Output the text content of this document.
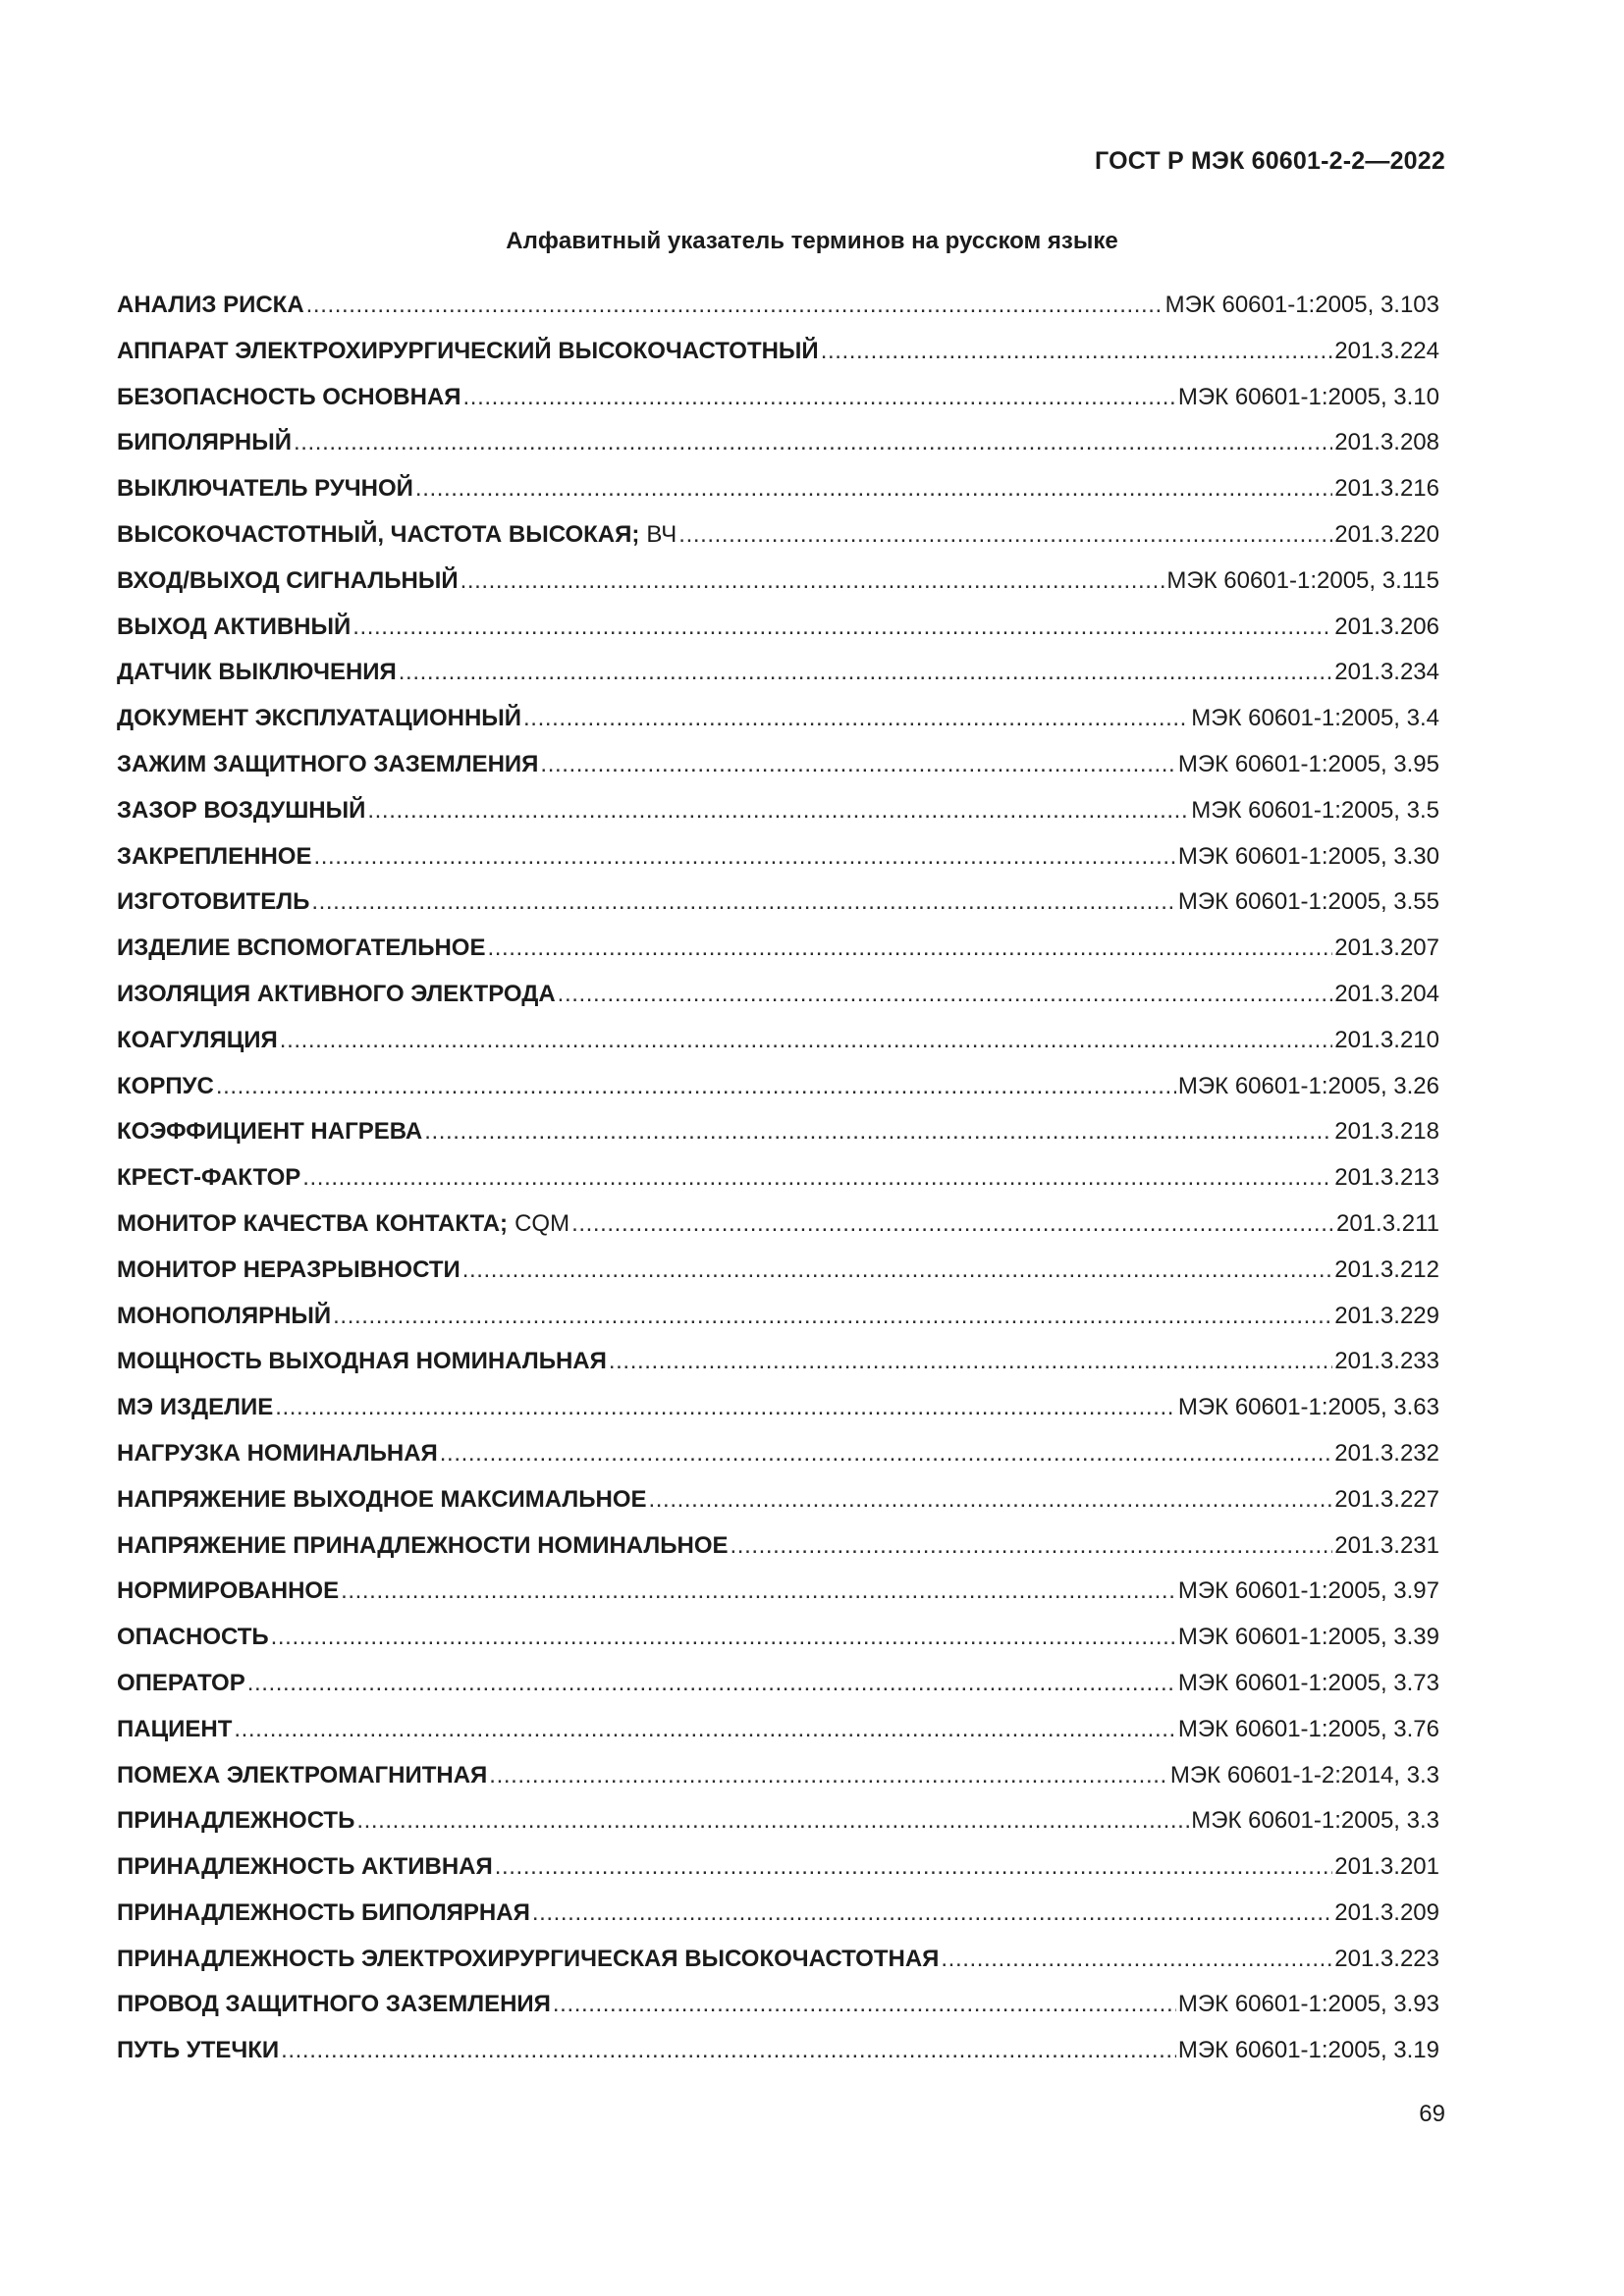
ГОСТ Р МЭК 60601-2-2—2022
Алфавитный указатель терминов на русском языке
АНАЛИЗ РИСКА .....	МЭК 60601-1:2005, 3.103
АППАРАТ ЭЛЕКТРОХИРУРГИЧЕСКИЙ ВЫСОКОЧАСТОТНЫЙ .....	201.3.224
БЕЗОПАСНОСТЬ ОСНОВНАЯ .....	МЭК 60601-1:2005, 3.10
БИПОЛЯРНЫЙ .....	201.3.208
ВЫКЛЮЧАТЕЛЬ РУЧНОЙ .....	201.3.216
ВЫСОКОЧАСТОТНЫЙ, ЧАСТОТА ВЫСОКАЯ; ВЧ .....	201.3.220
ВХОД/ВЫХОД СИГНАЛЬНЫЙ .....	МЭК 60601-1:2005, 3.115
ВЫХОД АКТИВНЫЙ .....	201.3.206
ДАТЧИК ВЫКЛЮЧЕНИЯ .....	201.3.234
ДОКУМЕНТ ЭКСПЛУАТАЦИОННЫЙ .....	МЭК 60601-1:2005, 3.4
ЗАЖИМ ЗАЩИТНОГО ЗАЗЕМЛЕНИЯ .....	МЭК 60601-1:2005, 3.95
ЗАЗОР ВОЗДУШНЫЙ .....	МЭК 60601-1:2005, 3.5
ЗАКРЕПЛЕННОЕ .....	МЭК 60601-1:2005, 3.30
ИЗГОТОВИТЕЛЬ .....	МЭК 60601-1:2005, 3.55
ИЗДЕЛИЕ ВСПОМОГАТЕЛЬНОЕ .....	201.3.207
ИЗОЛЯЦИЯ АКТИВНОГО ЭЛЕКТРОДА .....	201.3.204
КОАГУЛЯЦИЯ .....	201.3.210
КОРПУС .....	МЭК 60601-1:2005, 3.26
КОЭФФИЦИЕНТ НАГРЕВА .....	201.3.218
КРЕСТ-ФАКТОР .....	201.3.213
МОНИТОР КАЧЕСТВА КОНТАКТА; CQM .....	201.3.211
МОНИТОР НЕРАЗРЫВНОСТИ .....	201.3.212
МОНОПОЛЯРНЫЙ .....	201.3.229
МОЩНОСТЬ ВЫХОДНАЯ НОМИНАЛЬНАЯ .....	201.3.233
МЭ ИЗДЕЛИЕ .....	МЭК 60601-1:2005, 3.63
НАГРУЗКА НОМИНАЛЬНАЯ .....	201.3.232
НАПРЯЖЕНИЕ ВЫХОДНОЕ МАКСИМАЛЬНОЕ .....	201.3.227
НАПРЯЖЕНИЕ ПРИНАДЛЕЖНОСТИ НОМИНАЛЬНОЕ .....	201.3.231
НОРМИРОВАННОЕ .....	МЭК 60601-1:2005, 3.97
ОПАСНОСТЬ .....	МЭК 60601-1:2005, 3.39
ОПЕРАТОР .....	МЭК 60601-1:2005, 3.73
ПАЦИЕНТ .....	МЭК 60601-1:2005, 3.76
ПОМЕХА ЭЛЕКТРОМАГНИТНАЯ .....	МЭК 60601-1-2:2014, 3.3
ПРИНАДЛЕЖНОСТЬ .....	МЭК 60601-1:2005, 3.3
ПРИНАДЛЕЖНОСТЬ АКТИВНАЯ .....	201.3.201
ПРИНАДЛЕЖНОСТЬ БИПОЛЯРНАЯ .....	201.3.209
ПРИНАДЛЕЖНОСТЬ ЭЛЕКТРОХИРУРГИЧЕСКАЯ ВЫСОКОЧАСТОТНАЯ .....	201.3.223
ПРОВОД ЗАЩИТНОГО ЗАЗЕМЛЕНИЯ .....	МЭК 60601-1:2005, 3.93
ПУТЬ УТЕЧКИ .....	МЭК 60601-1:2005, 3.19
69
